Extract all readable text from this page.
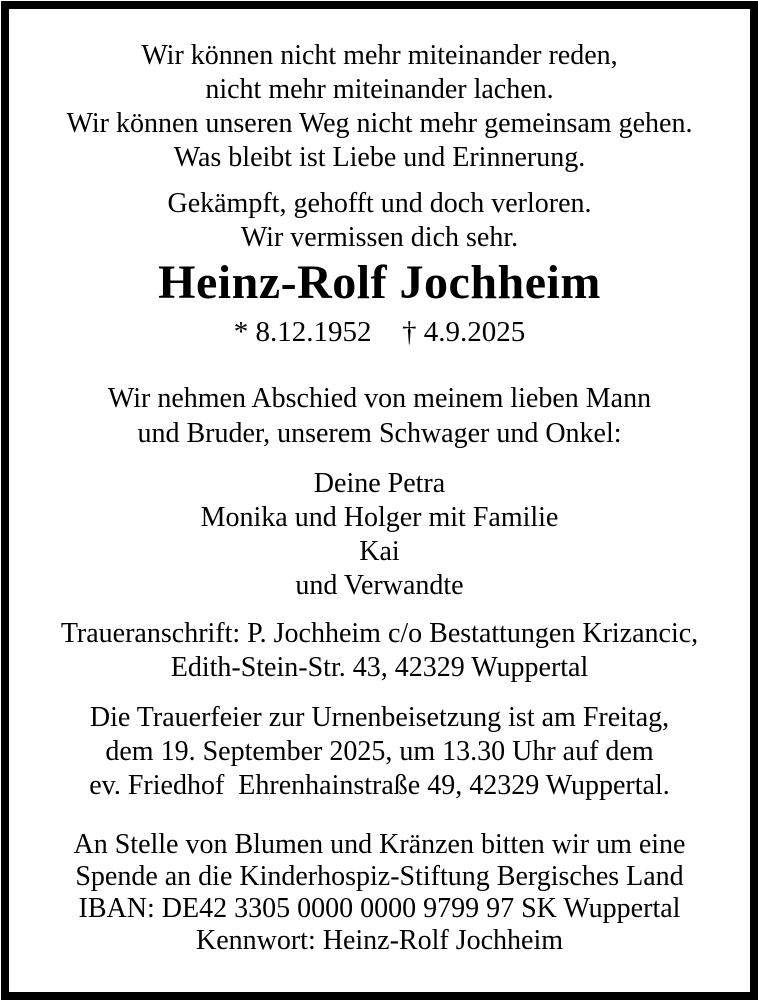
Wir können nicht mehr miteinander reden,
nicht mehr miteinander lachen.
Wir können unseren Weg nicht mehr gemeinsam gehen.
Was bleibt ist Liebe und Erinnerung.
Gekämpft, gehofft und doch verloren.
Wir vermissen dich sehr.
Heinz-Rolf Jochheim
* 8.12.1952 † 4.9.2025
Wir nehmen Abschied von meinem lieben Mann
und Bruder, unserem Schwager und Onkel:
Deine Petra
Monika und Holger mit Familie
Kai
und Verwandte
Traueranschrift: P. Jochheim c/o Bestattungen Krizancic,
Edith-Stein-Str. 43, 42329 Wuppertal
Die Trauerfeier zur Urnenbeisetzung ist am Freitag,
dem 19. September 2025, um 13.30 Uhr auf dem
ev. Friedhof  Ehrenhainstraße 49, 42329 Wuppertal.
An Stelle von Blumen und Kränzen bitten wir um eine
Spende an die Kinderhospiz-Stiftung Bergisches Land
IBAN: DE42 3305 0000 0000 9799 97 SK Wuppertal
Kennwort: Heinz-Rolf Jochheim
